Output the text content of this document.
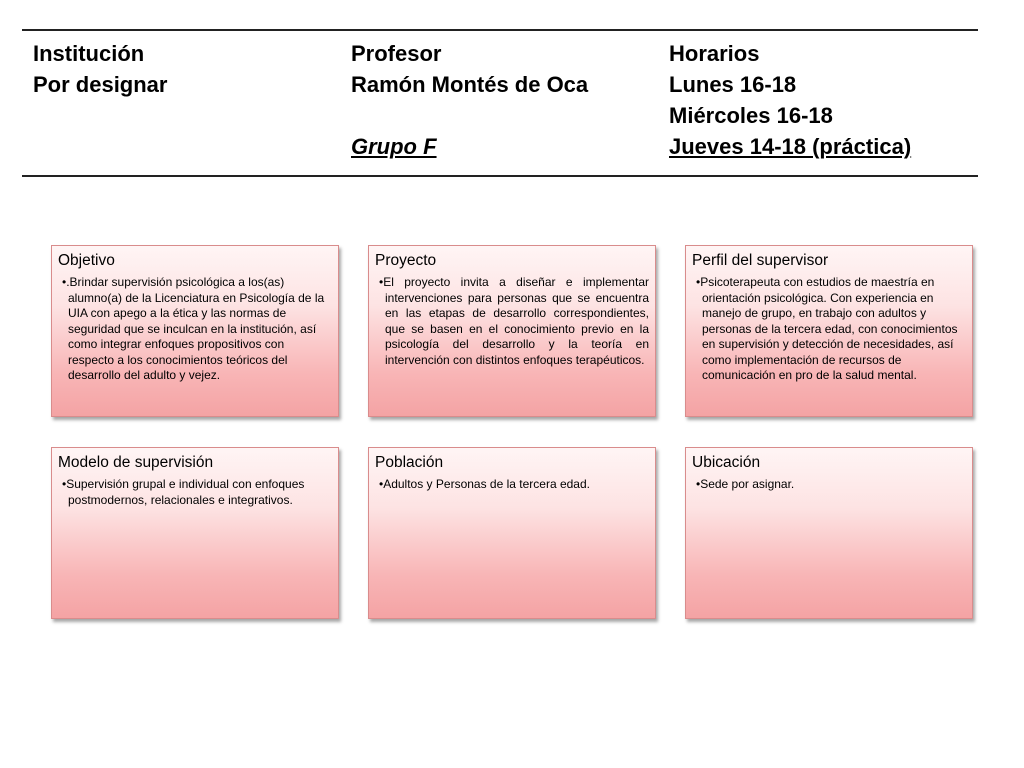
Institución
Por designar
Profesor
Ramón Montés de Oca
Grupo F
Horarios
Lunes 16-18
Miércoles 16-18
Jueves 14-18 (práctica)
Objetivo
•.Brindar supervisión psicológica a los(as) alumno(a) de la Licenciatura en Psicología de la UIA con apego a la ética y las normas de seguridad que se inculcan en la institución, así como integrar enfoques propositivos con respecto a los conocimientos teóricos del desarrollo del adulto y vejez.
Proyecto
•El proyecto invita a diseñar e implementar intervenciones para personas que se encuentra en las etapas de desarrollo correspondientes, que se basen en el conocimiento previo en la psicología del desarrollo y la teoría en intervención con distintos enfoques terapéuticos.
Perfil del supervisor
•Psicoterapeuta con estudios de maestría en orientación psicológica. Con experiencia en manejo de grupo, en trabajo con adultos y personas de la tercera edad, con conocimientos en supervisión y detección de necesidades, así como implementación de recursos de comunicación en pro de la salud mental.
Modelo de supervisión
•Supervisión grupal e individual con enfoques postmodernos, relacionales e integrativos.
Población
•Adultos y Personas de la tercera edad.
Ubicación
•Sede por asignar.
